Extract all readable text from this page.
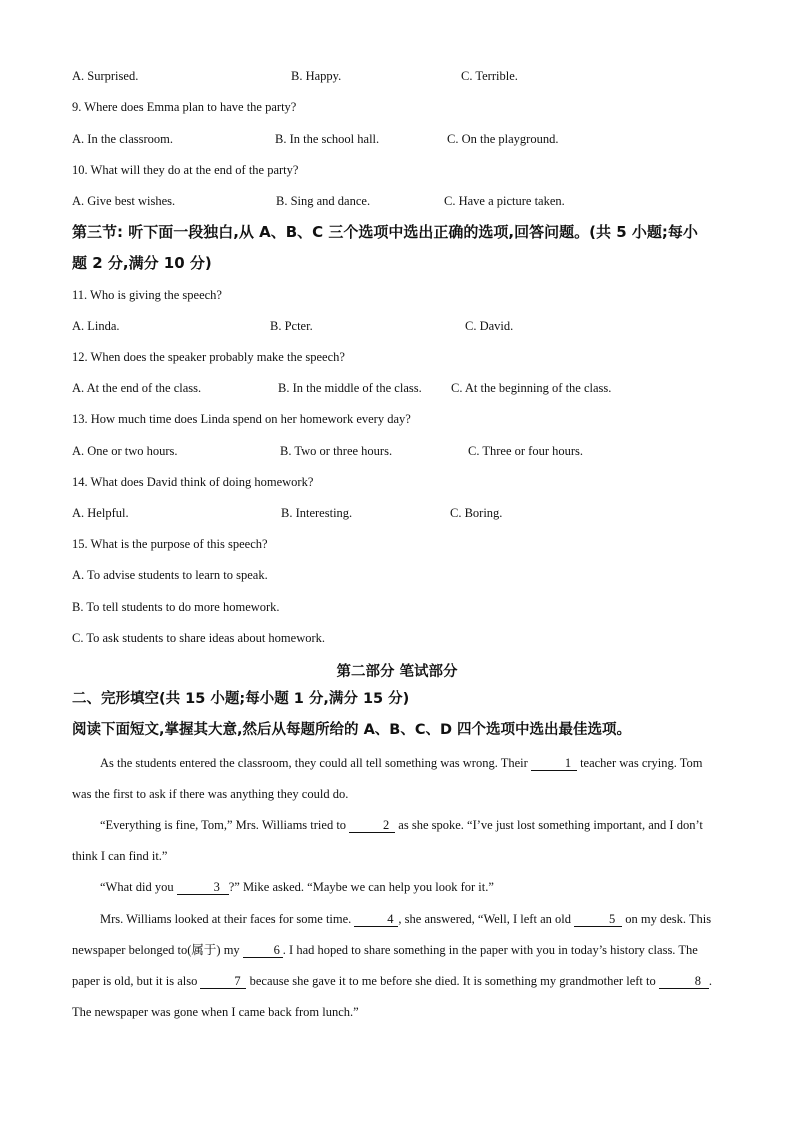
A. Surprised.	B. Happy.	C. Terrible.
9. Where does Emma plan to have the party?
A. In the classroom.	B. In the school hall.	C. On the playground.
10. What will they do at the end of the party?
A. Give best wishes.	B. Sing and dance.	C. Have a picture taken.
第三节: 听下面一段独白,从 A、B、C 三个选项中选出正确的选项,回答问题。(共 5 小题;每小
题 2 分,满分 10 分)
11. Who is giving the speech?
A. Linda.	B. Pcter.	C. David.
12. When does the speaker probably make the speech?
A. At the end of the class.	B. In the middle of the class. C. At the beginning of the class.
13. How much time does Linda spend on her homework every day?
A. One or two hours.	B. Two or three hours.	C. Three or four hours.
14. What does David think of doing homework?
A. Helpful.	B. Interesting.	C. Boring.
15. What is the purpose of this speech?
A. To advise students to learn to speak.
B. To tell students to do more homework.
C. To ask students to share ideas about homework.
第二部分 笔试部分
二、完形填空(共 15 小题;每小题 1 分,满分 15 分)
阅读下面短文,掌握其大意,然后从每题所给的 A、B、C、D 四个选项中选出最佳选项。
As the students entered the classroom, they could all tell something was wrong. Their	1 teacher was crying. Tom was the first to ask if there was anything they could do.
“Everything is fine, Tom,” Mrs. Williams tried to	2 as she spoke. “I’ve just lost something important, and I don’t think I can find it.”
“What did you	3 ?” Mike asked. “Maybe we can help you look for it.”
Mrs. Williams looked at their faces for some time.	4 , she answered, “Well, I left an old	5 on my desk. This newspaper belonged to(属于) my 6 . I had hoped to share something in the paper with you in today’s history class. The paper is old, but it is also	7 because she gave it to me before she died. It is something my grandmother left to	8 . The newspaper was gone when I came back from lunch.”
